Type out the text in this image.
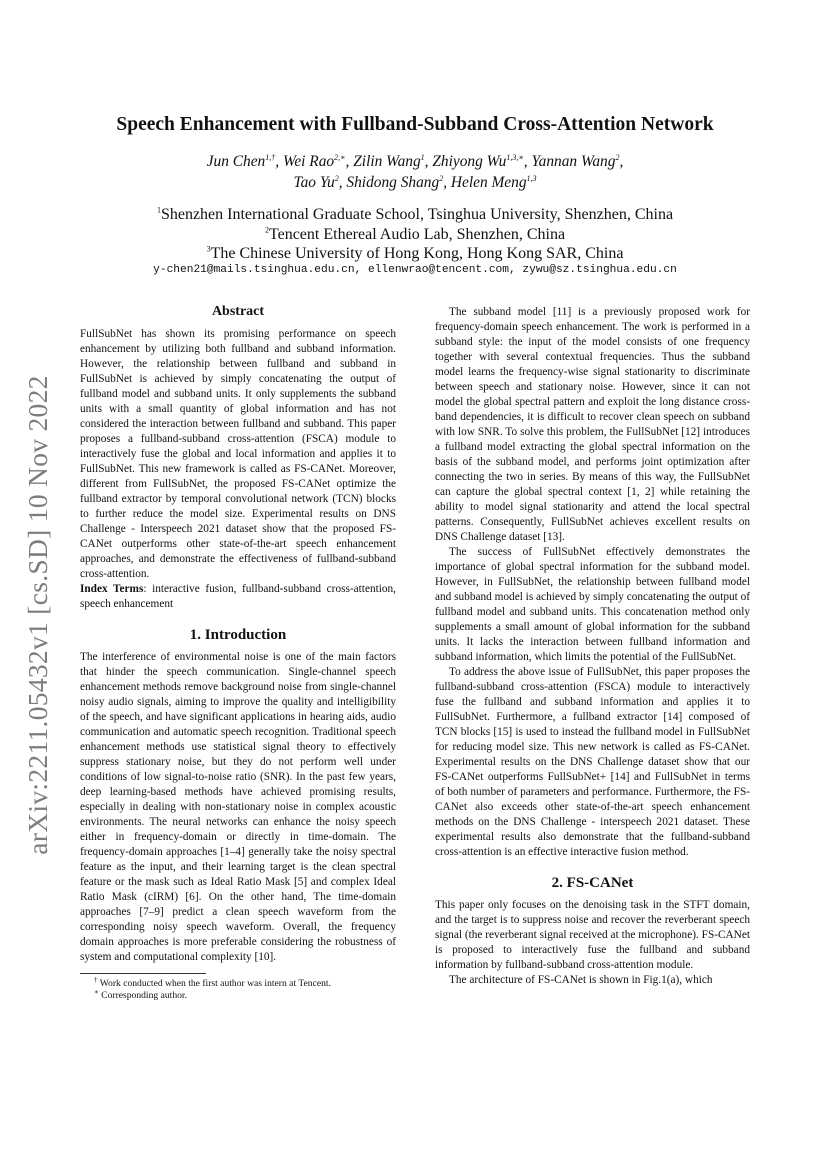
arXiv:2211.05432v1 [cs.SD] 10 Nov 2022
Speech Enhancement with Fullband-Subband Cross-Attention Network
Jun Chen$^{1,\dagger}$, Wei Rao$^{2,∗}$, Zilin Wang$^1$, Zhiyong $Wu^{1,3,∗}$, Yannan Wang$^2$,
Tao Yu$^2$, Shidong Shang$^2$, Helen Meng$^{1,3}$
$^1$Shenzhen International Graduate School, Tsinghua University, Shenzhen, China
$^2$Tencent Ethereal Audio Lab, Shenzhen, China
$^3$The Chinese University of Hong Kong, Hong Kong SAR, China
y-chen21@mails.tsinghua.edu.cn, ellenwrao@tencent.com, zywu@sz.tsinghua.edu.cn
Abstract

FullSubNet has shown its promising performance on speech enhancement by utilizing both fullband and subband information. However, the relationship between fullband and subband in FullSubNet is achieved by simply concatenating the output of fullband model and subband units. It only supplements the subband units with a small quantity of global information and has not considered the interaction between fullband and subband. This paper proposes a fullband-subband cross-attention (FSCA) module to interactively fuse the global and local information and applies it to FullSubNet. This new framework is called as FS-CANet. Moreover, different from FullSubNet, the proposed FS-CANet optimize the fullband extractor by temporal convolutional network (TCN) blocks to further reduce the model size. Experimental results on DNS Challenge - Interspeech 2021 dataset show that the proposed FS-CANet outperforms other state-of-the-art speech enhancement approaches, and demonstrate the effectiveness of fullband-subband cross-attention.

Index Terms: interactive fusion, fullband-subband cross-attention, speech enhancement

1. Introduction

The interference of environmental noise is one of the main factors that hinder the speech communication. Single-channel speech enhancement methods remove background noise from single-channel noisy audio signals, aiming to improve the quality and intelligibility of the speech, and have significant applications in hearing aids, audio communication and automatic speech recognition. Traditional speech enhancement methods use statistical signal theory to effectively suppress stationary noise, but they do not perform well under conditions of low signal-to-noise ratio (SNR). In the past few years, deep learning-based methods have achieved promising results, especially in dealing with non-stationary noise in complex acoustic environments. The neural networks can enhance the noisy speech either in frequency-domain or directly in time-domain. The frequency-domain approaches [1–4] generally take the noisy spectral feature as the input, and their learning target is the clean spectral feature or the mask such as Ideal Ratio Mask [5] and complex Ideal Ratio Mask (cIRM) [6]. On the other hand, The time-domain approaches [7–9] predict a clean speech waveform from the corresponding noisy speech waveform. Overall, the frequency domain approaches is more preferable considering the robustness of system and computational complexity [10].

† Work conducted when the first author was intern at Tencent.
∗ Corresponding author.

The subband model [11] is a previously proposed work for frequency-domain speech enhancement. The work is performed in a subband style: the input of the model consists of one frequency together with several contextual frequencies. Thus the subband model learns the frequency-wise signal stationarity to discriminate between speech and stationary noise. However, since it can not model the global spectral pattern and exploit the long distance cross-band dependencies, it is difficult to recover clean speech on subband with low SNR. To solve this problem, the FullSubNet [12] introduces a fullband model extracting the global spectral information on the basis of the subband model, and performs joint optimization after connecting the two in series. By means of this way, the FullSubNet can capture the global spectral context [1, 2] while retaining the ability to model signal stationarity and attend the local spectral patterns. Consequently, FullSubNet achieves excellent results on DNS Challenge dataset [13].

The success of FullSubNet effectively demonstrates the importance of global spectral information for the subband model. However, in FullSubNet, the relationship between fullband model and subband model is achieved by simply concatenating the output of fullband model and subband units. This concatenation method only supplements a small amount of global information for the subband units. It lacks the interaction between fullband information and subband information, which limits the potential of the FullSubNet.

To address the above issue of FullSubNet, this paper proposes the fullband-subband cross-attention (FSCA) module to interactively fuse the fullband and subband information and applies it to FullSubNet. Furthermore, a fullband extractor [14] composed of TCN blocks [15] is used to instead the fullband model in FullSubNet for reducing model size. This new network is called as FS-CANet. Experimental results on the DNS Challenge dataset show that our FS-CANet outperforms FullSubNet+ [14] and FullSubNet in terms of both number of parameters and performance. Furthermore, the FS-CANet also exceeds other state-of-the-art speech enhancement methods on the DNS Challenge - interspeech 2021 dataset. These experimental results also demonstrate that the fullband-subband cross-attention is an effective interactive fusion method.

2. FS-CANet

This paper only focuses on the denoising task in the STFT domain, and the target is to suppress noise and recover the reverberant speech signal (the reverberant signal received at the microphone). FS-CANet is proposed to interactively fuse the fullband and subband information by fullband-subband cross-attention module.

The architecture of FS-CANet is shown in Fig.1(a), which
